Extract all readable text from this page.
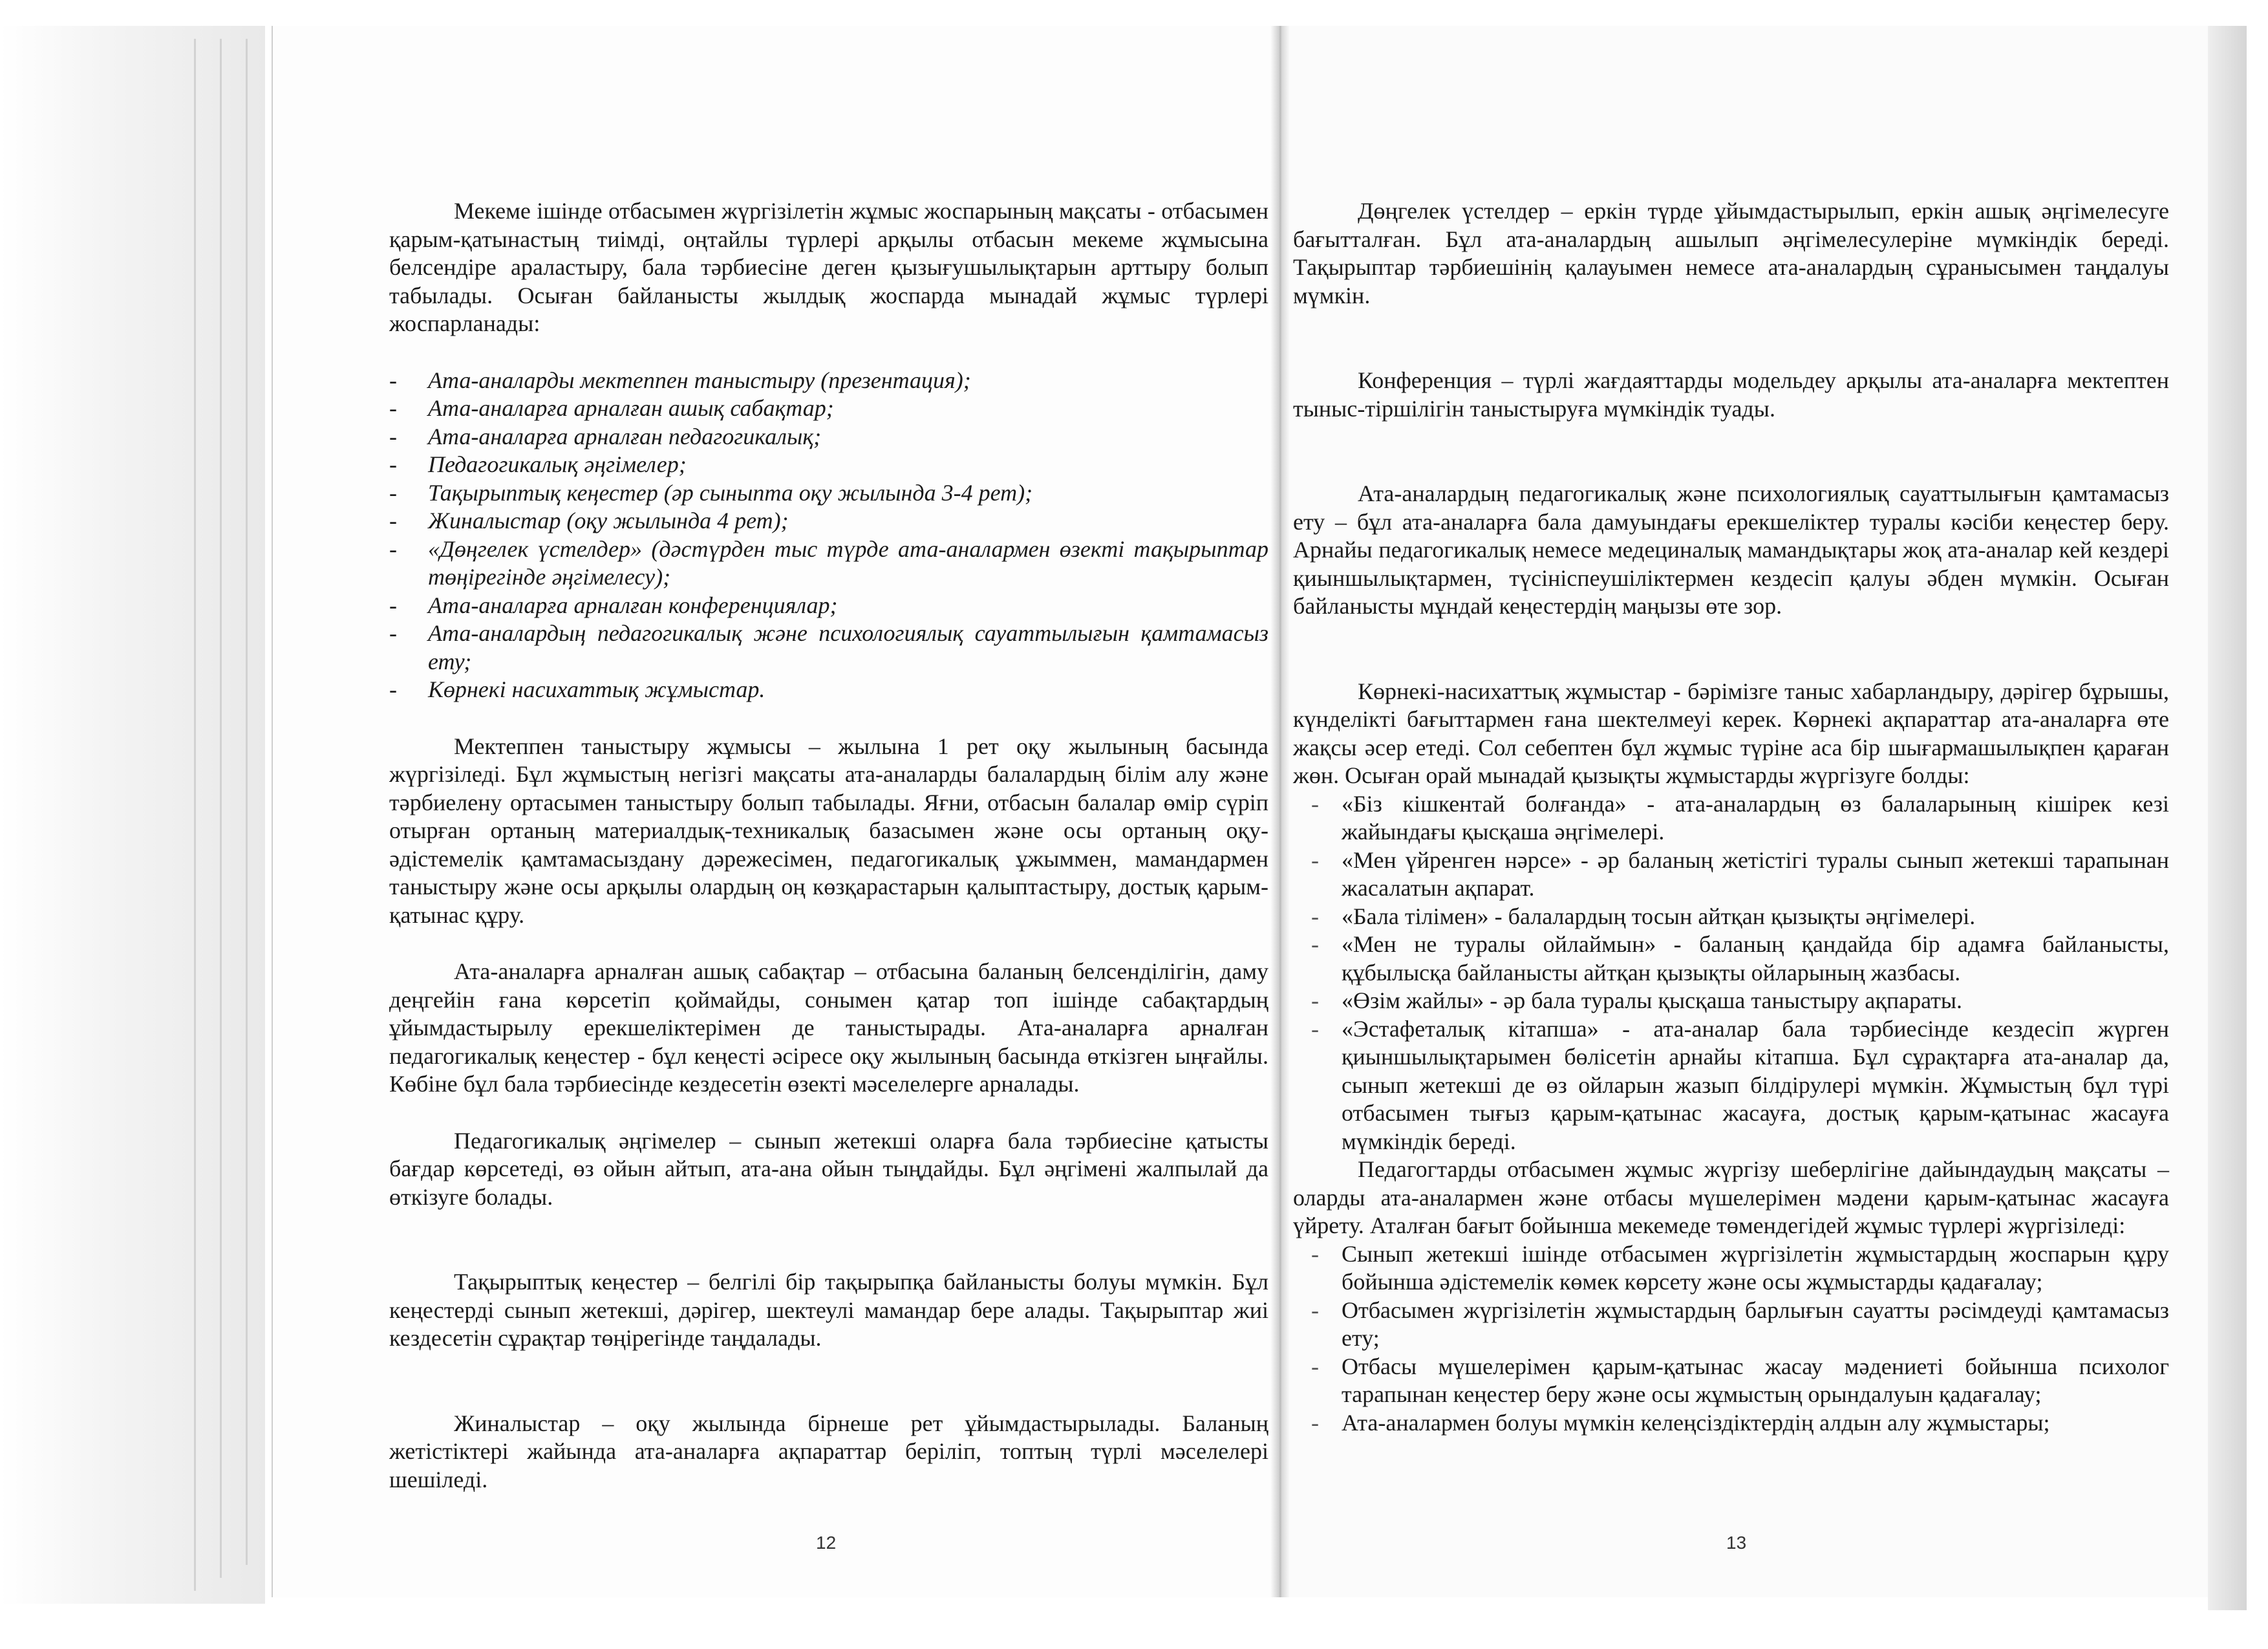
Мекеме ішінде отбасымен жүргізілетін жұмыс жоспарының мақсаты - отбасымен қарым-қатынастың тиімді, оңтайлы түрлері арқылы отбасын мекеме жұмысына белсендіре араластыру, бала тәрбиесіне деген қызығушылықтарын арттыру болып табылады. Осыған байланысты жылдық жоспарда мынадай жұмыс түрлері жоспарланады:

- Ата-аналарды мектеппен таныстыру (презентация);
- Ата-аналарға арналған ашық сабақтар;
- Ата-аналарға арналған педагогикалық;
- Педагогикалық әңгімелер;
- Тақырыптық кеңестер (әр сыныпта оқу жылында 3-4 рет);
- Жиналыстар (оқу жылында 4 рет);
- «Дөңгелек үстелдер» (дәстүрден тыс түрде ата-аналармен өзекті тақырыптар төңірегінде әңгімелесу);
- Ата-аналарға арналған конференциялар;
- Ата-аналардың педагогикалық және психологиялық сауаттылығын қамтамасыз ету;
- Көрнекі насихаттық жұмыстар.

Мектеппен таныстыру жұмысы – жылына 1 рет оқу жылының басында жүргізіледі. Бұл жұмыстың негізгі мақсаты ата-аналарды балалардың білім алу және тәрбиелену ортасымен таныстыру болып табылады. Яғни, отбасын балалар өмір сүріп отырған ортаның материалдық-техникалық базасымен және осы ортаның оқу-әдістемелік қамтамасыздану дәрежесімен, педагогикалық ұжыммен, мамандармен таныстыру және осы арқылы олардың оң көзқарастарын қалыптастыру, достық қарым-қатынас құру.

Ата-аналарға арналған ашық сабақтар – отбасына баланың белсенділігін, даму деңгейін ғана көрсетіп қоймайды, сонымен қатар топ ішінде сабақтардың ұйымдастырылу ерекшеліктерімен де таныстырады. Ата-аналарға арналған педагогикалық кеңестер - бұл кеңесті әсіресе оқу жылының басында өткізген ыңғайлы. Көбіне бұл бала тәрбиесінде кездесетін өзекті мәселелерге арналады.

Педагогикалық әңгімелер – сынып жетекші оларға бала тәрбиесіне қатысты бағдар көрсетеді, өз ойын айтып, ата-ана ойын тыңдайды. Бұл әңгімені жалпылай да өткізуге болады.

Тақырыптық кеңестер – белгілі бір тақырыпқа байланысты болуы мүмкін. Бұл кеңестерді сынып жетекші, дәрігер, шектеулі мамандар бере алады. Тақырыптар жиі кездесетін сұрақтар төңірегінде таңдалады.

Жиналыстар – оқу жылында бірнеше рет ұйымдастырылады. Баланың жетістіктері жайында ата-аналарға ақпараттар беріліп, топтың түрлі мәселелері шешіледі.

12

Дөңгелек үстелдер – еркін түрде ұйымдастырылып, еркін ашық әңгімелесуге бағытталған. Бұл ата-аналардың ашылып әңгімелесулеріне мүмкіндік береді. Тақырыптар тәрбиешінің қалауымен немесе ата-аналардың сұранысымен таңдалуы мүмкін.

Конференция – түрлі жағдаяттарды модельдеу арқылы ата-аналарға мектептен тыныс-тіршілігін таныстыруға мүмкіндік туады.

Ата-аналардың педагогикалық және психологиялық сауаттылығын қамтамасыз ету – бұл ата-аналарға бала дамуындағы ерекшеліктер туралы кәсіби кеңестер беру. Арнайы педагогикалық немесе медециналық мамандықтары жоқ ата-аналар кей кездері қиыншылықтармен, түсініспеушіліктермен кездесіп қалуы әбден мүмкін. Осыған байланысты мұндай кеңестердің маңызы өте зор.

Көрнекі-насихаттық жұмыстар - бәрімізге таныс хабарландыру, дәрігер бұрышы, күнделікті бағыттармен ғана шектелмеуі керек. Көрнекі ақпараттар ата-аналарға өте жақсы әсер етеді. Сол себептен бұл жұмыс түріне аса бір шығармашылықпен қараған жөн. Осыған орай мынадай қызықты жұмыстарды жүргізуге болды:

- «Біз кішкентай болғанда» - ата-аналардың өз балаларының кішірек кезі жайындағы қысқаша әңгімелері.
- «Мен үйренген нәрсе» - әр баланың жетістігі туралы сынып жетекші тарапынан жасалатын ақпарат.
- «Бала тілімен» - балалардың тосын айтқан қызықты әңгімелері.
- «Мен не туралы ойлаймын» - баланың қандайда бір адамға байланысты, құбылысқа байланысты айтқан қызықты ойларының жазбасы.
- «Өзім жайлы» - әр бала туралы қысқаша таныстыру ақпараты.
- «Эстафеталық кітапша» - ата-аналар бала тәрбиесінде кездесіп жүрген қиыншылықтарымен бөлісетін арнайы кітапша. Бұл сұрақтарға ата-аналар да, сынып жетекші де өз ойларын жазып білдірулері мүмкін. Жұмыстың бұл түрі отбасымен тығыз қарым-қатынас жасауға, достық қарым-қатынас жасауға мүмкіндік береді.

Педагогтарды отбасымен жұмыс жүргізу шеберлігіне дайындаудың мақсаты – оларды ата-аналармен және отбасы мүшелерімен мәдени қарым-қатынас жасауға үйрету. Аталған бағыт бойынша мекемеде төмендегідей жұмыс түрлері жүргізіледі:

- Сынып жетекші ішінде отбасымен жүргізілетін жұмыстардың жоспарын құру бойынша әдістемелік көмек көрсету және осы жұмыстарды қадағалау;
- Отбасымен жүргізілетін жұмыстардың барлығын сауатты рәсімдеуді қамтамасыз ету;
- Отбасы мүшелерімен қарым-қатынас жасау мәдениеті бойынша психолог тарапынан кеңестер беру және осы жұмыстың орындалуын қадағалау;
- Ата-аналармен болуы мүмкін келеңсіздіктердің алдын алу жұмыстары;
13
